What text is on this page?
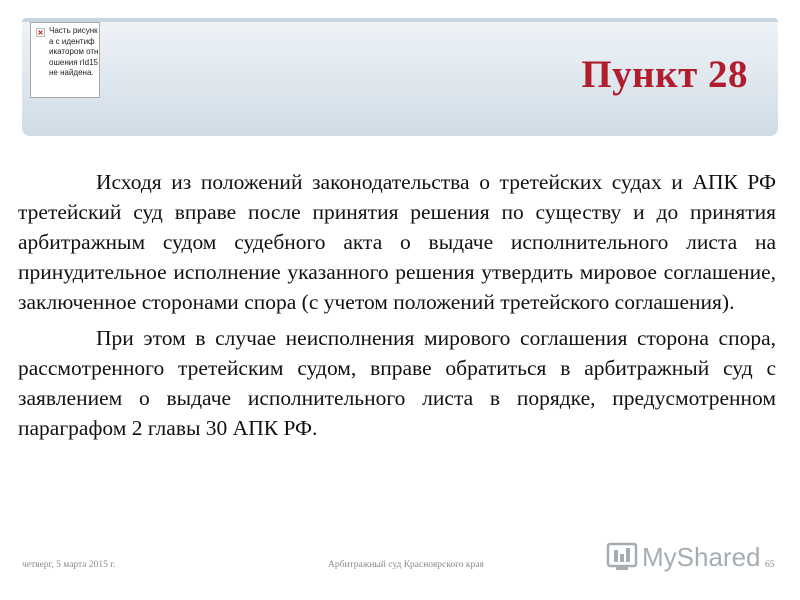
× Часть рисунка с идентификатором отношения rId15 не найдена.	Пункт 28

Исходя из положений законодательства о третейских судах и АПК РФ третейский суд вправе после принятия решения по существу и до принятия арбитражным судом судебного акта о выдаче исполнительного листа на принудительное исполнение указанного решения утвердить мировое соглашение, заключенное сторонами спора (с учетом положений третейского соглашения).

При этом в случае неисполнения мирового соглашения сторона спора, рассмотренного третейским судом, вправе обратиться в арбитражный суд с заявлением о выдаче исполнительного листа в порядке, предусмотренном параграфом 2 главы 30 АПК РФ.

четверг, 5 марта 2015 г.	Арбитражный суд Красноярского края	65
MyShared
